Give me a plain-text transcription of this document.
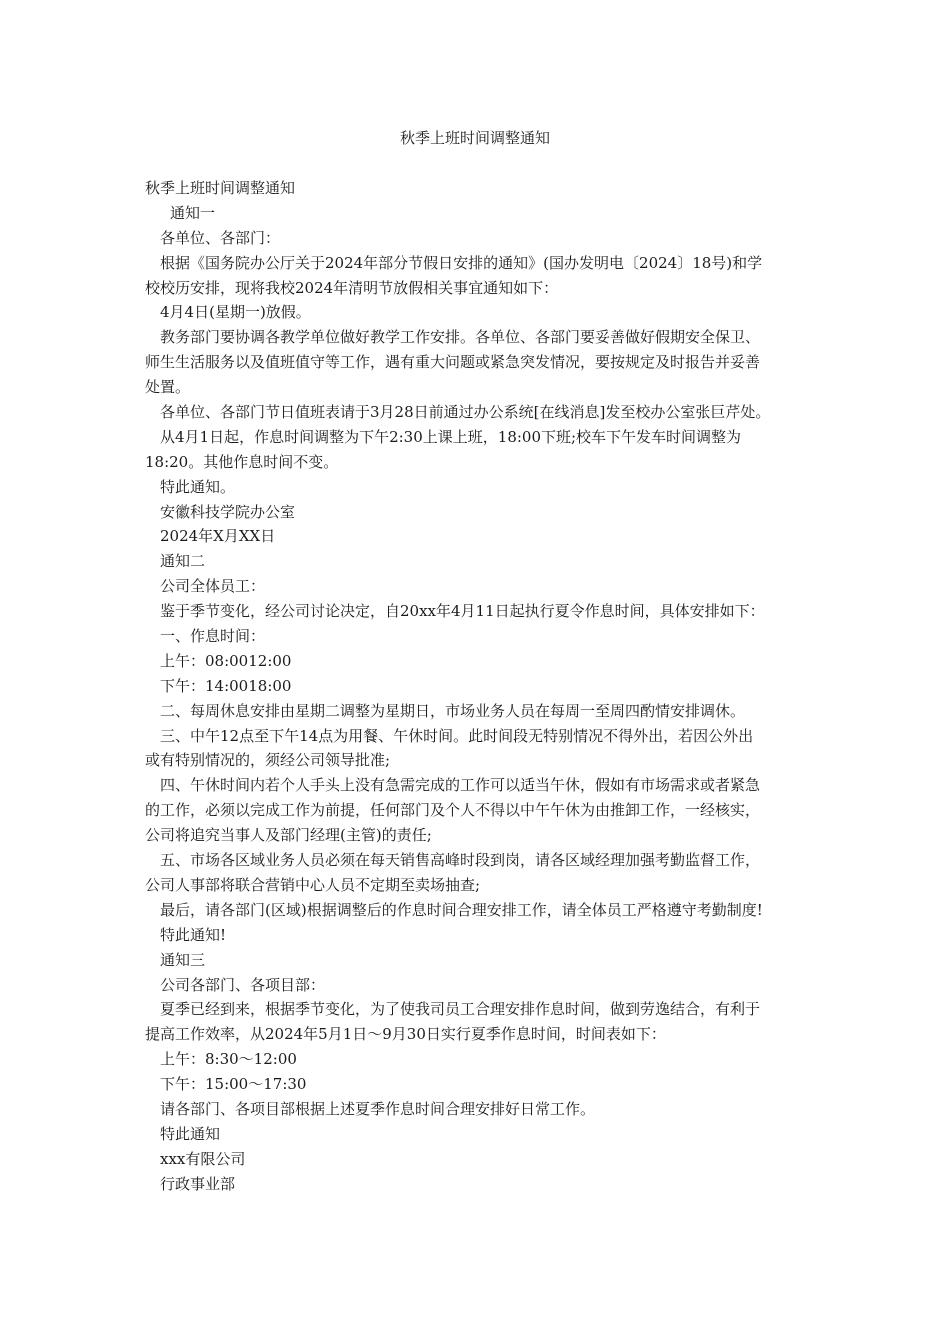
秋季上班时间调整通知
秋季上班时间调整通知
通知一
各单位、各部门：
根据《国务院办公厅关于2024年部分节假日安排的通知》(国办发明电〔2024〕18号)和学
校校历安排，现将我校2024年清明节放假相关事宜通知如下：
4月4日(星期一)放假。
教务部门要协调各教学单位做好教学工作安排。各单位、各部门要妥善做好假期安全保卫、
师生生活服务以及值班值守等工作，遇有重大问题或紧急突发情况，要按规定及时报告并妥善
处置。
各单位、各部门节日值班表请于3月28日前通过办公系统[在线消息]发至校办公室张巨芹处。
从4月1日起，作息时间调整为下午2:30上课上班，18:00下班;校车下午发车时间调整为
18:20。其他作息时间不变。
特此通知。
安徽科技学院办公室
2024年X月XX日
通知二
公司全体员工：
鉴于季节变化，经公司讨论决定，自20xx年4月11日起执行夏令作息时间，具体安排如下：
一、作息时间：
上午：08:0012:00
下午：14:0018:00
二、每周休息安排由星期二调整为星期日，市场业务人员在每周一至周四酌情安排调休。
三、中午12点至下午14点为用餐、午休时间。此时间段无特别情况不得外出，若因公外出
或有特别情况的，须经公司领导批准;
四、午休时间内若个人手头上没有急需完成的工作可以适当午休，假如有市场需求或者紧急
的工作，必须以完成工作为前提，任何部门及个人不得以中午午休为由推卸工作，一经核实，
公司将追究当事人及部门经理(主管)的责任;
五、市场各区域业务人员必须在每天销售高峰时段到岗，请各区域经理加强考勤监督工作，
公司人事部将联合营销中心人员不定期至卖场抽查;
最后，请各部门(区域)根据调整后的作息时间合理安排工作，请全体员工严格遵守考勤制度!
特此通知!
通知三
公司各部门、各项目部：
夏季已经到来，根据季节变化，为了使我司员工合理安排作息时间，做到劳逸结合，有利于
提高工作效率，从2024年5月1日～9月30日实行夏季作息时间，时间表如下：
上午：8:30～12:00
下午：15:00～17:30
请各部门、各项目部根据上述夏季作息时间合理安排好日常工作。
特此通知
xxx有限公司
行政事业部
